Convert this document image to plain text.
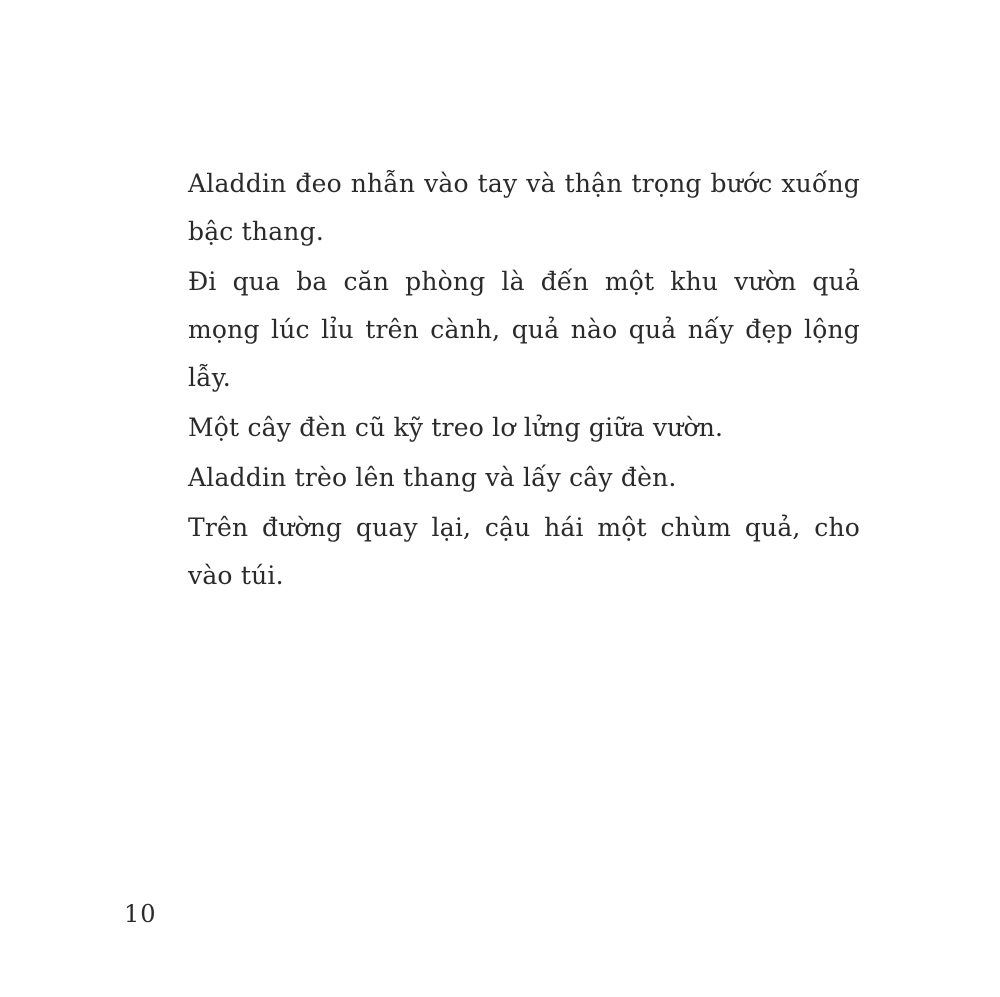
Aladdin đeo nhẫn vào tay và thận trọng bước xuống bậc thang.

Đi qua ba căn phòng là đến một khu vườn quả mọng lúc lỉu trên cành, quả nào quả nấy đẹp lộng lẫy.

Một cây đèn cũ kỹ treo lơ lửng giữa vườn.

Aladdin trèo lên thang và lấy cây đèn.

Trên đường quay lại, cậu hái một chùm quả, cho vào túi.

10
